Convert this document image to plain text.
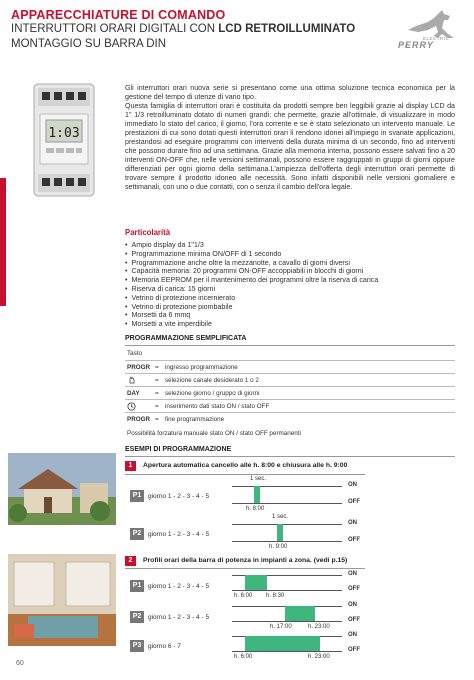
APPARECCHIATURE DI COMANDO
INTERRUTTORI ORARI DIGITALI CON LCD RETROILLUMINATO
MONTAGGIO SU BARRA DIN	ELECTRIC
PERRY
1:03

Gli interruttori orari nuova serie si presentano come una ottima soluzione tecnica economica per la gestione del tempo di utenze di vario tipo.

Questa famiglia di interruttori orari è costituita da prodotti sempre ben leggibili grazie al display LCD da 1" 1/3 retroilluminato dotato di numeri grandi; che permette, grazie all'ottimale, di visualizzare in modo immediato lo stato del carico, il giorno, l'ora corrente e se è stato selezionato un intervento manuale. Le prestazioni di cui sono dotati questi interruttori orari li rendono idonei all'impiego in svariate applicazioni, prestandosi ad eseguire programmi con interventi della durata minima di un secondo, fino ad interventi che possono durare fino ad una settimana. Grazie alla memoria interna, possono essere salvati fino a 20 interventi ON-OFF che, nelle versioni settimanali, possono essere raggruppati in gruppi di giorni oppure differenziati per ogni giorno della settimana.L'ampiezza dell'offerta degli interruttori orari permette di trovare sempre il prodotto idoneo alle necessità. Sono infatti disponibili nelle versioni giornaliere e settimanali, con uno o due contatti, con o senza il cambio dell'ora legale.

Particolarità
• Ampio display da 1"1/3
• Programmazione minima ON/OFF di 1 secondo
• Programmazione anche oltre la mezzanotte, a cavallo di giorni diversi
• Capacità memoria: 20 programmi ON-OFF accoppiabili in blocchi di giorni
• Memoria EEPROM per il mantenimento dei programmi oltre la riserva di carica
• Riserva di carica: 15 giorni
• Vetrino di protezione incernierato
• Vetrino di protezione piombabile
• Morsetti da 6 mmq
• Morsetti a vite imperdibile
PROGRAMMAZIONE SEMPLIFICATA
Tasto
PROGR = ingresso programmazione
= selezione canale desiderato 1 o 2
DAY = selezione giorno / gruppo di giorni
= inserimento dati stato ON / stato OFF
PROGR = fine programmazione
Possibilità forzatura manuale stato ON / stato OFF permanenti
ESEMPI DI PROGRAMMAZIONE
1	Apertura automatica cancello alle h. 8:00 e chiusura alle h. 9:00
P1	giorno 1 - 2 - 3 - 4 - 5
1 sec.
ON
OFF
h. 8:00
P2	giorno 1 - 2 - 3 - 4 - 5
1 sec.
ON
OFF
h. 9:00
2	Profili orari della barra di potenza in impianti a zona. (vedi p.15)
P1	giorno 1 - 2 - 3 - 4 - 5
ON
OFF
h. 6:00 h. 8:30
P2	giorno 1 - 2 - 3 - 4 - 5
ON
OFF
h. 17:00	h. 23:00
P3	giorno 6 - 7
ON
OFF
h. 6:00	h. 23:00
60
